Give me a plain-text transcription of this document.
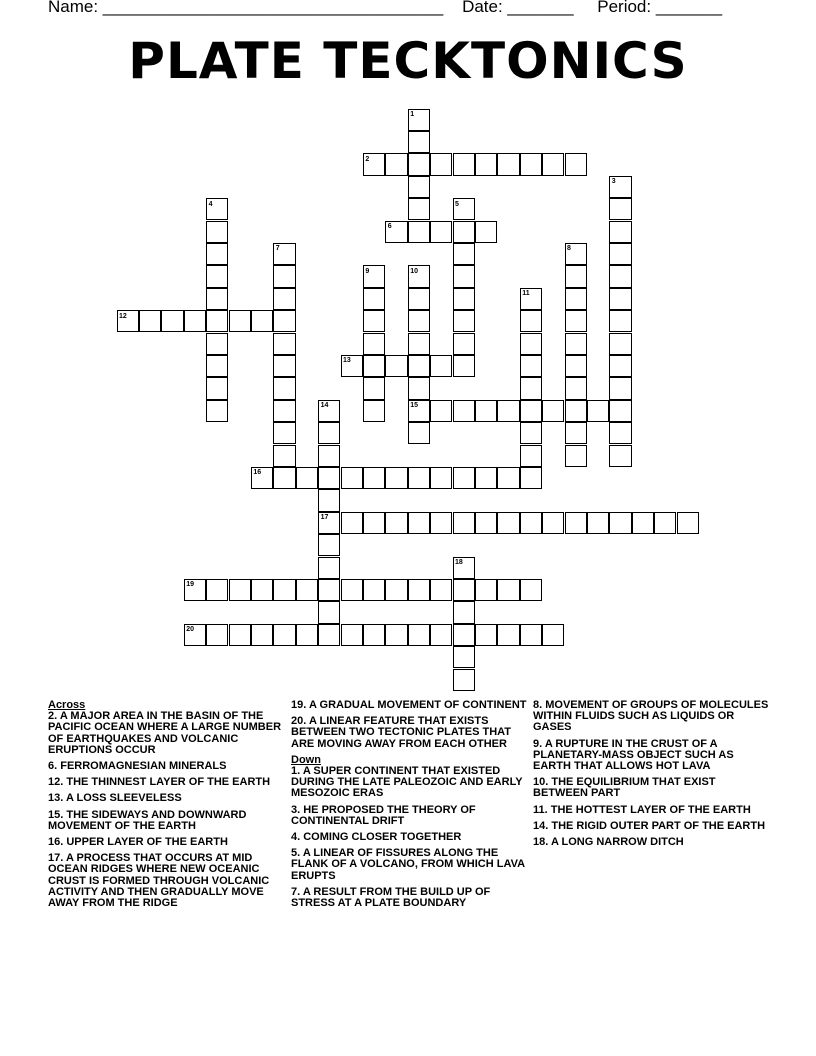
Name: ____________________________________ Date: _______ Period: _______
PLATE TECKTONICS
1
2
3
4	5
6
7	8
9	10
11
12
13
14	15
16
17
18
19
20
Across
2. A MAJOR AREA IN THE BASIN OF THE PACIFIC OCEAN WHERE A LARGE NUMBER OF EARTHQUAKES AND VOLCANIC ERUPTIONS OCCUR
6. FERROMAGNESIAN MINERALS
12. THE THINNEST LAYER OF THE EARTH
13. A LOSS SLEEVELESS
15. THE SIDEWAYS AND DOWNWARD MOVEMENT OF THE EARTH
16. UPPER LAYER OF THE EARTH
17. A PROCESS THAT OCCURS AT MID OCEAN RIDGES WHERE NEW OCEANIC CRUST IS FORMED THROUGH VOLCANIC ACTIVITY AND THEN GRADUALLY MOVE AWAY FROM THE RIDGE
19. A GRADUAL MOVEMENT OF CONTINENT
20. A LINEAR FEATURE THAT EXISTS BETWEEN TWO TECTONIC PLATES THAT ARE MOVING AWAY FROM EACH OTHER
Down
1. A SUPER CONTINENT THAT EXISTED DURING THE LATE PALEOZOIC AND EARLY MESOZOIC ERAS
3. HE PROPOSED THE THEORY OF CONTINENTAL DRIFT
4. COMING CLOSER TOGETHER
5. A LINEAR OF FISSURES ALONG THE FLANK OF A VOLCANO, FROM WHICH LAVA ERUPTS
7. A RESULT FROM THE BUILD UP OF STRESS AT A PLATE BOUNDARY
8. MOVEMENT OF GROUPS OF MOLECULES WITHIN FLUIDS SUCH AS LIQUIDS OR GASES
9. A RUPTURE IN THE CRUST OF A PLANETARY-MASS OBJECT SUCH AS EARTH THAT ALLOWS HOT LAVA
10. THE EQUILIBRIUM THAT EXIST BETWEEN PART
11. THE HOTTEST LAYER OF THE EARTH
14. THE RIGID OUTER PART OF THE EARTH
18. A LONG NARROW DITCH
